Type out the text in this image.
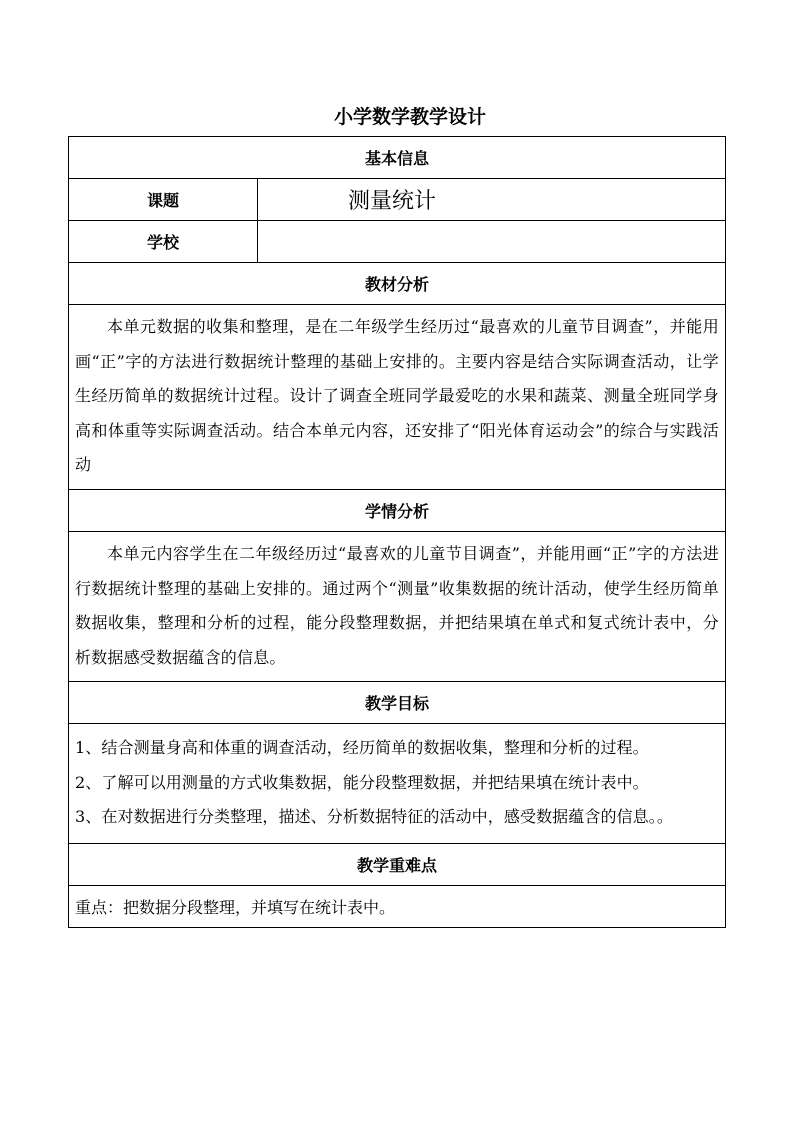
小学数学教学设计
基本信息	
课题	测量统计
学校	
教材分析	
本单元数据的收集和整理，是在二年级学生经历过“最喜欢的儿童节目调查”，并能用画“正”字的方法进行数据统计整理的基础上安排的。主要内容是结合实际调查活动，让学生经历简单的数据统计过程。设计了调查全班同学最爱吃的水果和蔬菜、测量全班同学身高和体重等实际调查活动。结合本单元内容，还安排了“阳光体育运动会”的综合与实践活动	
学情分析	
本单元内容学生在二年级经历过“最喜欢的儿童节目调查”，并能用画“正”字的方法进行数据统计整理的基础上安排的。通过两个“测量”收集数据的统计活动，使学生经历简单数据收集，整理和分析的过程，能分段整理数据，并把结果填在单式和复式统计表中，分析数据感受数据蕴含的信息。	
教学目标	

1、结合测量身高和体重的调查活动，经历简单的数据收集，整理和分析的过程。
2、了解可以用测量的方式收集数据，能分段整理数据，并把结果填在统计表中。
3、在对数据进行分类整理，描述、分析数据特征的活动中，感受数据蕴含的信息。。	

教学重难点	
重点：把数据分段整理，并填写在统计表中。	
